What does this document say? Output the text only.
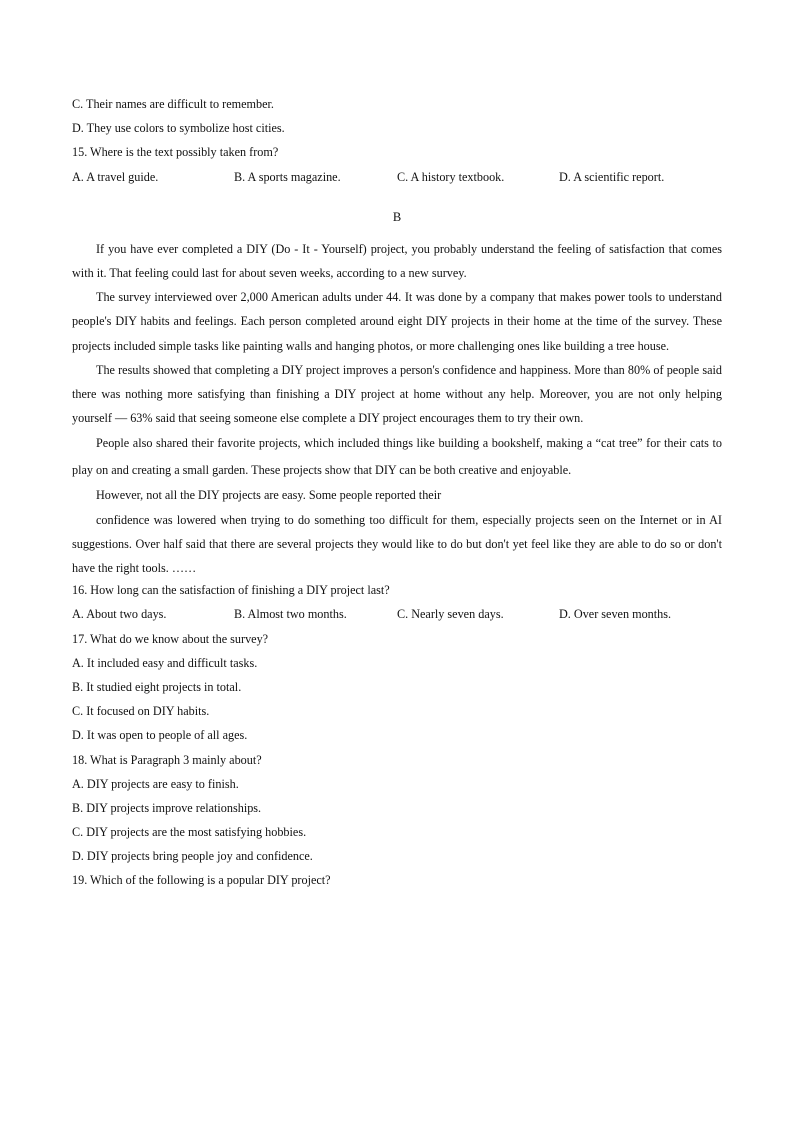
C. Their names are difficult to remember.
D. They use colors to symbolize host cities.
15. Where is the text possibly taken from?
A. A travel guide.	B. A sports magazine.	C. A history textbook.	D. A scientific report.
B

If you have ever completed a DIY (Do - It - Yourself) project, you probably understand the feeling of satisfaction that comes with it. That feeling could last for about seven weeks, according to a new survey.

The survey interviewed over 2,000 American adults under 44. It was done by a company that makes power tools to understand people's DIY habits and feelings. Each person completed around eight DIY projects in their home at the time of the survey. These projects included simple tasks like painting walls and hanging photos, or more challenging ones like building a tree house.

The results showed that completing a DIY project improves a person's confidence and happiness. More than 80% of people said there was nothing more satisfying than finishing a DIY project at home without any help. Moreover, you are not only helping yourself — 63% said that seeing someone else complete a DIY project encourages them to try their own.

People also shared their favorite projects, which included things like building a bookshelf, making a “cat tree” for their cats to play on and creating a small garden. These projects show that DIY can be both creative and enjoyable.

However, not all the DIY projects are easy. Some people reported their

confidence was lowered when trying to do something too difficult for them, especially projects seen on the Internet or in AI suggestions. Over half said that there are several projects they would like to do but don't yet feel like they are able to do so or don't have the right tools. ……

16. How long can the satisfaction of finishing a DIY project last?
A. About two days.	B. Almost two months.	C. Nearly seven days.	D. Over seven months.
17. What do we know about the survey?
A. It included easy and difficult tasks.
B. It studied eight projects in total.
C. It focused on DIY habits.
D. It was open to people of all ages.
18. What is Paragraph 3 mainly about?
A. DIY projects are easy to finish.
B. DIY projects improve relationships.
C. DIY projects are the most satisfying hobbies.
D. DIY projects bring people joy and confidence.
19. Which of the following is a popular DIY project?
